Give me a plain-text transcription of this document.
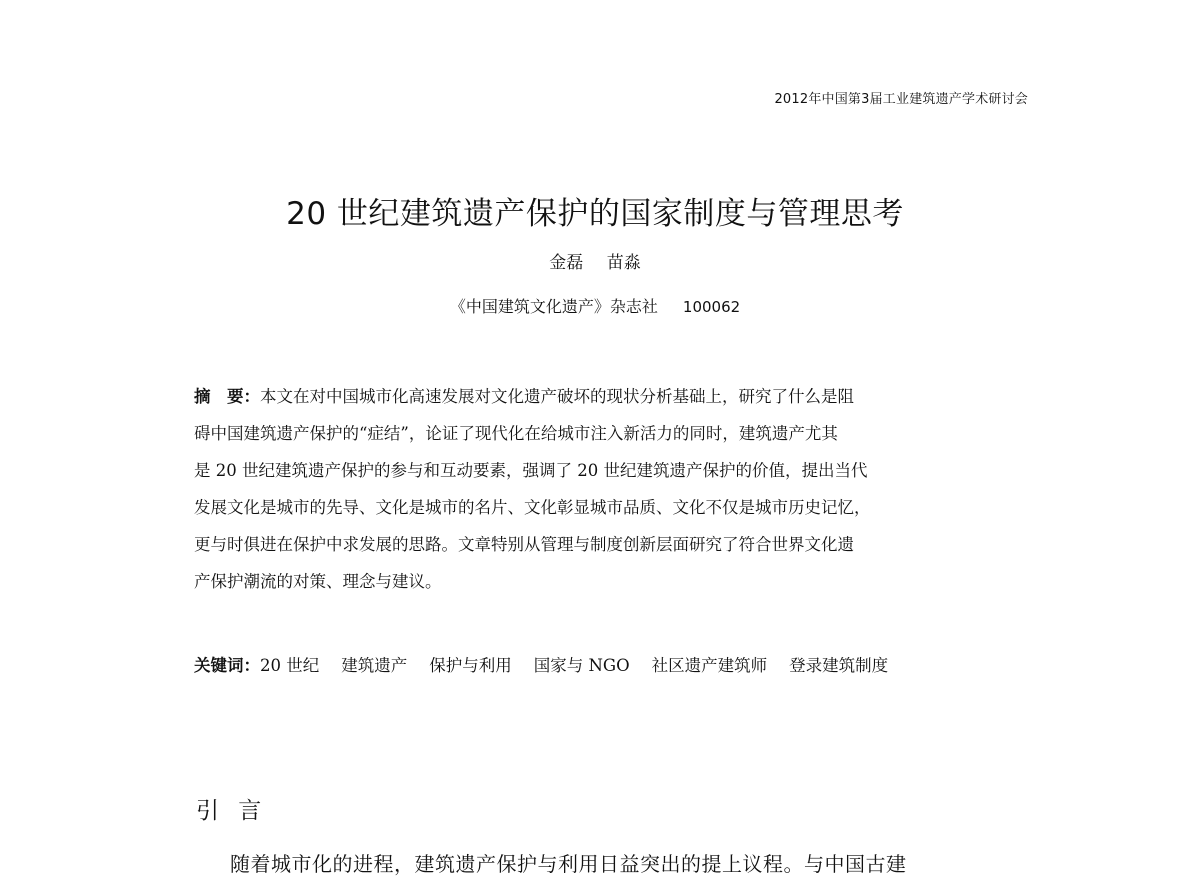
2012年中国第3届工业建筑遗产学术研讨会
20 世纪建筑遗产保护的国家制度与管理思考
金磊 苗淼
《中国建筑文化遗产》杂志社 100062
摘　要：本文在对中国城市化高速发展对文化遗产破坏的现状分析基础上，研究了什么是阻
碍中国建筑遗产保护的“症结”，论证了现代化在给城市注入新活力的同时，建筑遗产尤其
是 20 世纪建筑遗产保护的参与和互动要素，强调了 20 世纪建筑遗产保护的价值，提出当代
发展文化是城市的先导、文化是城市的名片、文化彰显城市品质、文化不仅是城市历史记忆，
更与时俱进在保护中求发展的思路。文章特别从管理与制度创新层面研究了符合世界文化遗
产保护潮流的对策、理念与建议。
关键词：20 世纪 建筑遗产 保护与利用 国家与 NGO 社区遗产建筑师 登录建筑制度
引 言
随着城市化的进程，建筑遗产保护与利用日益突出的提上议程。与中国古建
